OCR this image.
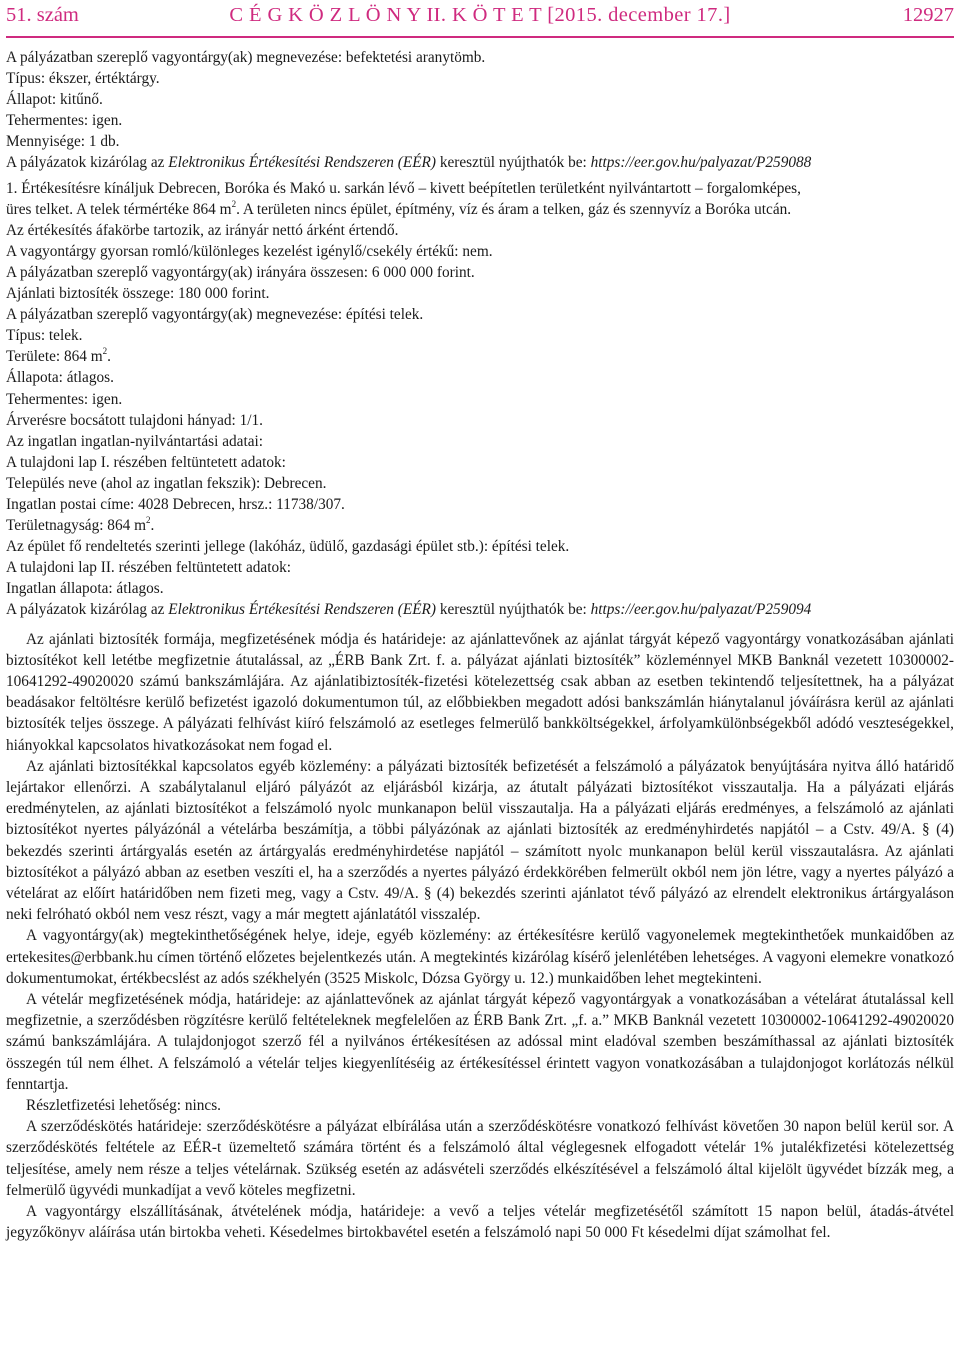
51. szám	C É G K Ö Z L Ö N Y II. K Ö T E T [2015. december 17.]	12927
A pályázatban szereplő vagyontárgy(ak) megnevezése: befektetési aranytömb.
Típus: ékszer, értéktárgy.
Állapot: kitűnő.
Tehermentes: igen.
Mennyisége: 1 db.
A pályázatok kizárólag az Elektronikus Értékesítési Rendszeren (EÉR) keresztül nyújthatók be: https://eer.gov.hu/palyazat/P259088
1. Értékesítésre kínáljuk Debrecen, Boróka és Makó u. sarkán lévő – kivett beépítetlen területként nyilvántartott – forgalomképes,
üres telket. A telek térmértéke 864 $m^2$. A területen nincs épület, építmény, víz és áram a telken, gáz és szennyvíz a Boróka utcán.
Az értékesítés áfakörbe tartozik, az irányár nettó árként értendő.
A vagyontárgy gyorsan romló/különleges kezelést igénylő/csekély értékű: nem.
A pályázatban szereplő vagyontárgy(ak) irányára összesen: 6 000 000 forint.
Ajánlati biztosíték összege: 180 000 forint.
A pályázatban szereplő vagyontárgy(ak) megnevezése: építési telek.
Típus: telek.
Területe: 864 $m^2$.
Állapota: átlagos.
Tehermentes: igen.
Árverésre bocsátott tulajdoni hányad: 1/1.
Az ingatlan ingatlan-nyilvántartási adatai:
A tulajdoni lap I. részében feltüntetett adatok:
Település neve (ahol az ingatlan fekszik): Debrecen.
Ingatlan postai címe: 4028 Debrecen, hrsz.: 11738/307.
Területnagyság: 864 $m^2$.
Az épület fő rendeltetés szerinti jellege (lakóház, üdülő, gazdasági épület stb.): építési telek.
A tulajdoni lap II. részében feltüntetett adatok:
Ingatlan állapota: átlagos.
A pályázatok kizárólag az Elektronikus Értékesítési Rendszeren (EÉR) keresztül nyújthatók be: https://eer.gov.hu/palyazat/P259094

Az ajánlati biztosíték formája, megfizetésének módja és határideje: az ajánlattevőnek az ajánlat tárgyát képező vagyontárgy vonatkozásában ajánlati biztosítékot kell letétbe megfizetnie átutalással, az „ÉRB Bank Zrt. f. a. pályázat ajánlati biztosíték” közleménnyel MKB Banknál vezetett 10300002-10641292-49020020 számú bankszámlájára. Az ajánlatibiztosíték-fizetési kötelezettség csak abban az esetben tekintendő teljesítettnek, ha a pályázat beadásakor feltöltésre kerülő befizetést igazoló dokumentumon túl, az előbbiekben megadott adósi bankszámlán hiánytalanul jóváírásra kerül az ajánlati biztosíték teljes összege. A pályázati felhívást kiíró felszámoló az esetleges felmerülő bankköltségekkel, árfolyamkülönbségekből adódó veszteségekkel, hiányokkal kapcsolatos hivatkozásokat nem fogad el.

Az ajánlati biztosítékkal kapcsolatos egyéb közlemény: a pályázati biztosíték befizetését a felszámoló a pályázatok benyújtására nyitva álló határidő lejártakor ellenőrzi. A szabálytalanul eljáró pályázót az eljárásból kizárja, az átutalt pályázati biztosítékot visszautalja. Ha a pályázati eljárás eredménytelen, az ajánlati biztosítékot a felszámoló nyolc munkanapon belül visszautalja. Ha a pályázati eljárás eredményes, a felszámoló az ajánlati biztosítékot nyertes pályázónál a vételárba beszámítja, a többi pályázónak az ajánlati biztosíték az eredményhirdetés napjától – a Cstv. 49/A. § (4) bekezdés szerinti ártárgyalás esetén az ártárgyalás eredményhirdetése napjától – számított nyolc munkanapon belül kerül visszautalásra. Az ajánlati biztosítékot a pályázó abban az esetben veszíti el, ha a szerződés a nyertes pályázó érdekkörében felmerült okból nem jön létre, vagy a nyertes pályázó a vételárat az előírt határidőben nem fizeti meg, vagy a Cstv. 49/A. § (4) bekezdés szerinti ajánlatot tévő pályázó az elrendelt elektronikus ártárgyaláson neki felróható okból nem vesz részt, vagy a már megtett ajánlatától visszalép.

A vagyontárgy(ak) megtekinthetőségének helye, ideje, egyéb közlemény: az értékesítésre kerülő vagyonelemek megtekinthetőek munkaidőben az ertekesites@erbbank.hu címen történő előzetes bejelentkezés után. A megtekintés kizárólag kísérő jelenlétében lehetséges. A vagyoni elemekre vonatkozó dokumentumokat, értékbecslést az adós székhelyén (3525 Miskolc, Dózsa György u. 12.) munkaidőben lehet megtekinteni.

A vételár megfizetésének módja, határideje: az ajánlattevőnek az ajánlat tárgyát képező vagyontárgyak a vonatkozásában a vételárat átutalással kell megfizetnie, a szerződésben rögzítésre kerülő feltételeknek megfelelően az ÉRB Bank Zrt. „f. a.” MKB Banknál vezetett 10300002-10641292-49020020 számú bankszámlájára. A tulajdonjogot szerző fél a nyilvános értékesítésen az adóssal mint eladóval szemben beszámíthassal az ajánlati biztosíték összegén túl nem élhet. A felszámoló a vételár teljes kiegyenlítéséig az értékesítéssel érintett vagyon vonatkozásában a tulajdonjogot korlátozás nélkül fenntartja.

Részletfizetési lehetőség: nincs.

A szerződéskötés határideje: szerződéskötésre a pályázat elbírálása után a szerződéskötésre vonatkozó felhívást követően 30 napon belül kerül sor. A szerződéskötés feltétele az EÉR-t üzemeltető számára történt és a felszámoló által véglegesnek elfogadott vételár 1% jutalékfizetési kötelezettség teljesítése, amely nem része a teljes vételárnak. Szükség esetén az adásvételi szerződés elkészítésével a felszámoló által kijelölt ügyvédet bízzák meg, a felmerülő ügyvédi munkadíjat a vevő köteles megfizetni.

A vagyontárgy elszállításának, átvételének módja, határideje: a vevő a teljes vételár megfizetésétől számított 15 napon belül, átadás-átvétel jegyzőkönyv aláírása után birtokba veheti. Késedelmes birtokbavétel esetén a felszámoló napi 50 000 Ft késedelmi díjat számolhat fel.
